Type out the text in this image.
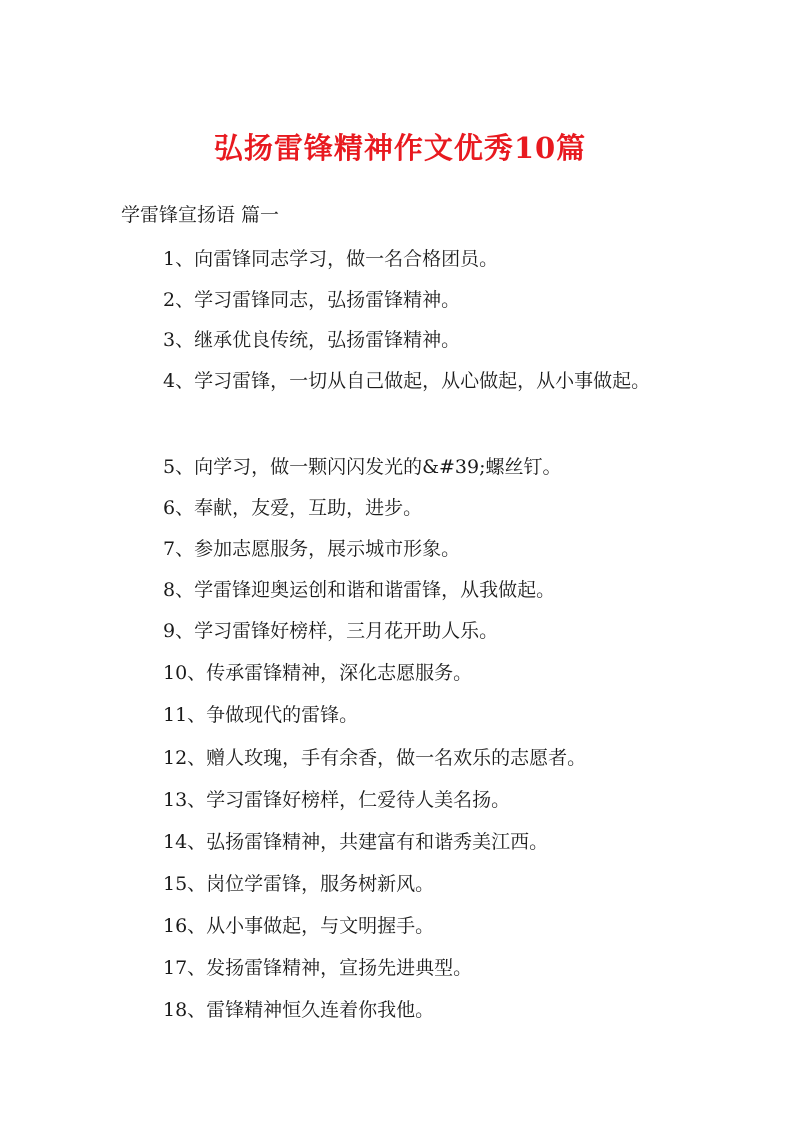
弘扬雷锋精神作文优秀10篇
学雷锋宣扬语 篇一
1、向雷锋同志学习，做一名合格团员。
2、学习雷锋同志，弘扬雷锋精神。
3、继承优良传统，弘扬雷锋精神。
4、学习雷锋，一切从自己做起，从心做起，从小事做起。
5、向学习，做一颗闪闪发光的&#39;螺丝钉。
6、奉献，友爱，互助，进步。
7、参加志愿服务，展示城市形象。
8、学雷锋迎奥运创和谐和谐雷锋，从我做起。
9、学习雷锋好榜样，三月花开助人乐。
10、传承雷锋精神，深化志愿服务。
11、争做现代的雷锋。
12、赠人玫瑰，手有余香，做一名欢乐的志愿者。
13、学习雷锋好榜样，仁爱待人美名扬。
14、弘扬雷锋精神，共建富有和谐秀美江西。
15、岗位学雷锋，服务树新风。
16、从小事做起，与文明握手。
17、发扬雷锋精神，宣扬先进典型。
18、雷锋精神恒久连着你我他。
